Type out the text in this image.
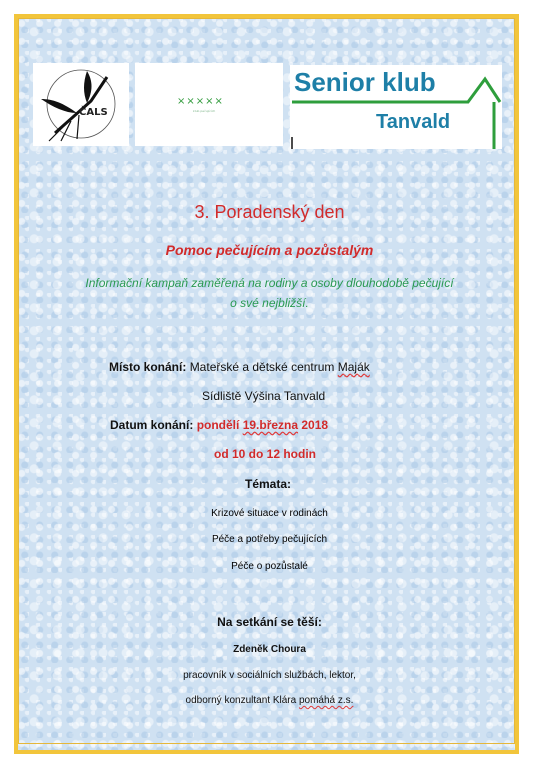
ČALS
×××××
klub pečujících
Senior klub
Tanvald
3. Poradenský den
Pomoc pečujícím a pozůstalým
Informační kampaň zaměřená na rodiny a osoby dlouhodobě pečující
o své nejbližší.
Místo konání: Mateřské a dětské centrum Maják
Sídliště Výšina Tanvald
Datum konání: pondělí 19.března 2018
od 10 do 12 hodin
Témata:
Krizové situace v rodinách
Péče a potřeby pečujících
Péče o pozůstalé
Na setkání se těší:
Zdeněk Choura
pracovník v sociálních službách, lektor,
odborný konzultant Klára pomáhá z.s.
